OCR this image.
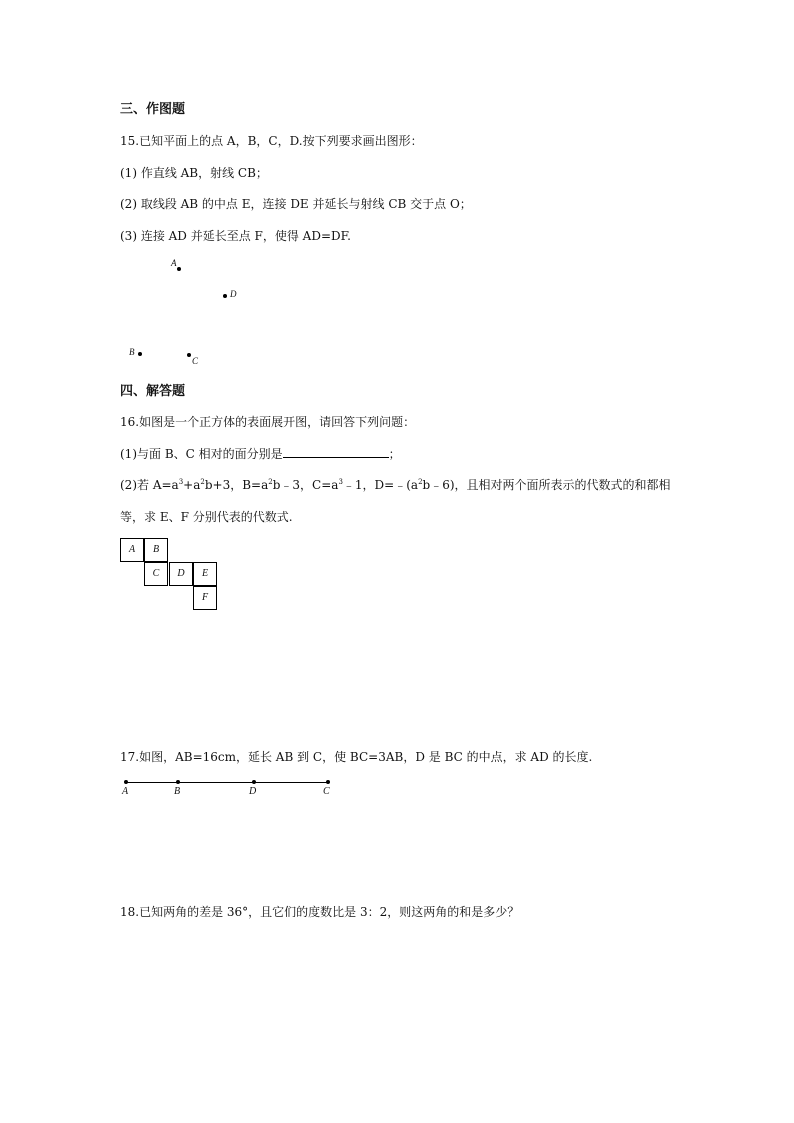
三、作图题
15.已知平面上的点 A，B，C，D.按下列要求画出图形：
(1) 作直线 AB，射线 CB；
(2) 取线段 AB 的中点 E，连接 DE 并延长与射线 CB 交于点 O；
(3) 连接 AD 并延长至点 F，使得 AD=DF.
A
D
B
C
四、解答题
16.如图是一个正方体的表面展开图，请回答下列问题：
(1)与面 B、C 相对的面分别是	；
(2)若 $A=a^3+a^2b+3$，$B=a^2b﹣3$，$C=a^3﹣1$，$D=﹣(a^2b﹣6)$，且相对两个面所表示的代数式的和都相
等，求 E、F 分别代表的代数式.
A	B
C	D	E
F
17.如图，AB=16cm，延长 AB 到 C，使 BC=3AB，D 是 BC 的中点，求 AD 的长度.
A	B	D	C
18.已知两角的差是 36°，且它们的度数比是 3：2，则这两角的和是多少？
